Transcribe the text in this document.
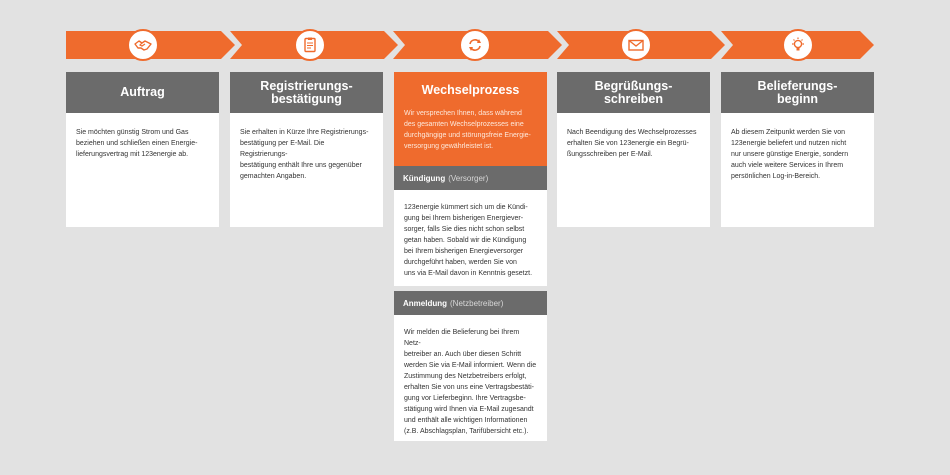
Auftrag

Sie möchten günstig Strom und Gas
beziehen und schließen einen Energie-
lieferungsvertrag mit 123energie ab.

Registrierungs-
bestätigung

Sie erhalten in Kürze Ihre Registrierungs-
bestätigung per E-Mail. Die Registrierungs-
bestätigung enthält Ihre uns gegenüber
gemachten Angaben.

Wechselprozess

Wir versprechen Ihnen, dass während
des gesamten Wechselprozesses eine
durchgängige und störungsfreie Energie-
versorgung gewährleistet ist.

Kündigung (Versorger)

123energie kümmert sich um die Kündi-
gung bei Ihrem bisherigen Energiever-
sorger, falls Sie dies nicht schon selbst
getan haben. Sobald wir die Kündigung
bei Ihrem bisherigen Energieversorger
durchgeführt haben, werden Sie von
uns via E-Mail davon in Kenntnis gesetzt.

Anmeldung (Netzbetreiber)

Wir melden die Belieferung bei Ihrem Netz-
betreiber an. Auch über diesen Schritt
werden Sie via E-Mail informiert. Wenn die
Zustimmung des Netzbetreibers erfolgt,
erhalten Sie von uns eine Vertragsbestäti-
gung vor Lieferbeginn. Ihre Vertragsbe-
stätigung wird Ihnen via E-Mail zugesandt
und enthält alle wichtigen Informationen
(z.B. Abschlagsplan, Tarifübersicht etc.).

Begrüßungs-
schreiben

Nach Beendigung des Wechselprozesses
erhalten Sie von 123energie ein Begrü-
ßungsschreiben per E-Mail.

Belieferungs-
beginn

Ab diesem Zeitpunkt werden Sie von
123energie beliefert und nutzen nicht
nur unsere günstige Energie, sondern
auch viele weitere Services in Ihrem
persönlichen Log-in-Bereich.
